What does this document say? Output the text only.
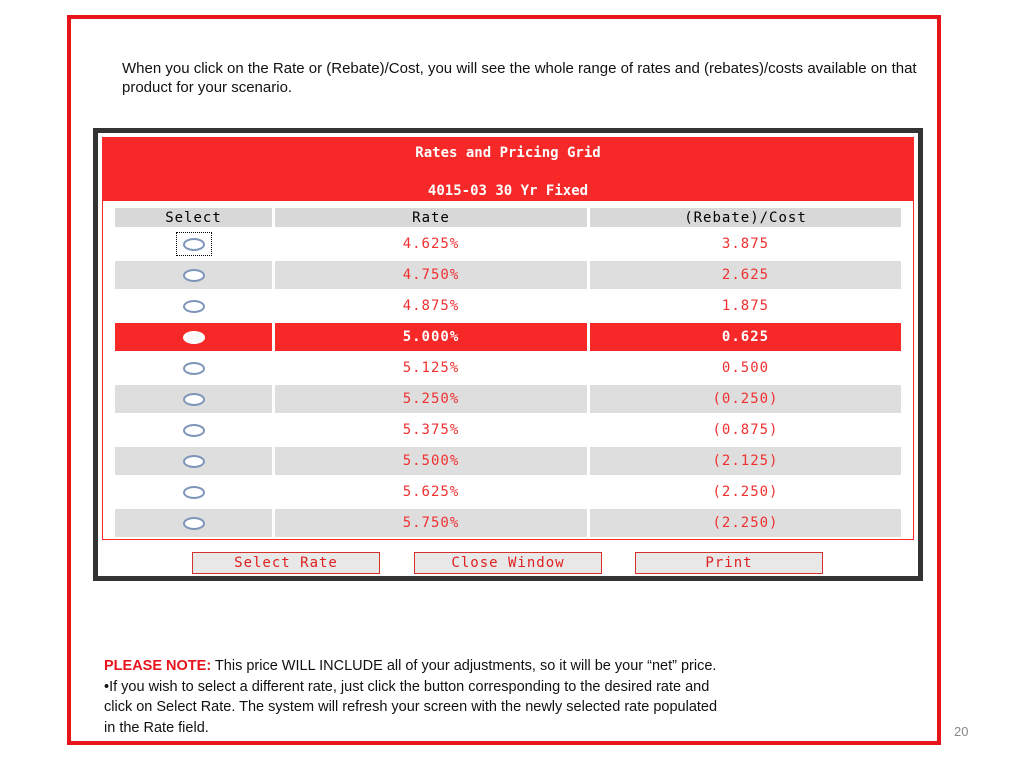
When you click on the Rate or (Rebate)/Cost, you will see the whole range of rates and (rebates)/costs available on that product for your scenario.
Rates and Pricing Grid
4015-03 30 Yr Fixed
Select	Rate	(Rebate)/Cost
	4.625%	3.875
	4.750%	2.625
	4.875%	1.875
	5.000%	0.625
	5.125%	0.500
	5.250%	(0.250)
	5.375%	(0.875)
	5.500%	(2.125)
	5.625%	(2.250)
	5.750%	(2.250)
Select Rate	Close Window	Print
PLEASE NOTE: This price WILL INCLUDE all of your adjustments, so it will be your “net” price.
•If you wish to select a different rate, just click the button corresponding to the desired rate and
click on Select Rate. The system will refresh your screen with the newly selected rate populated
in the Rate field.	20
